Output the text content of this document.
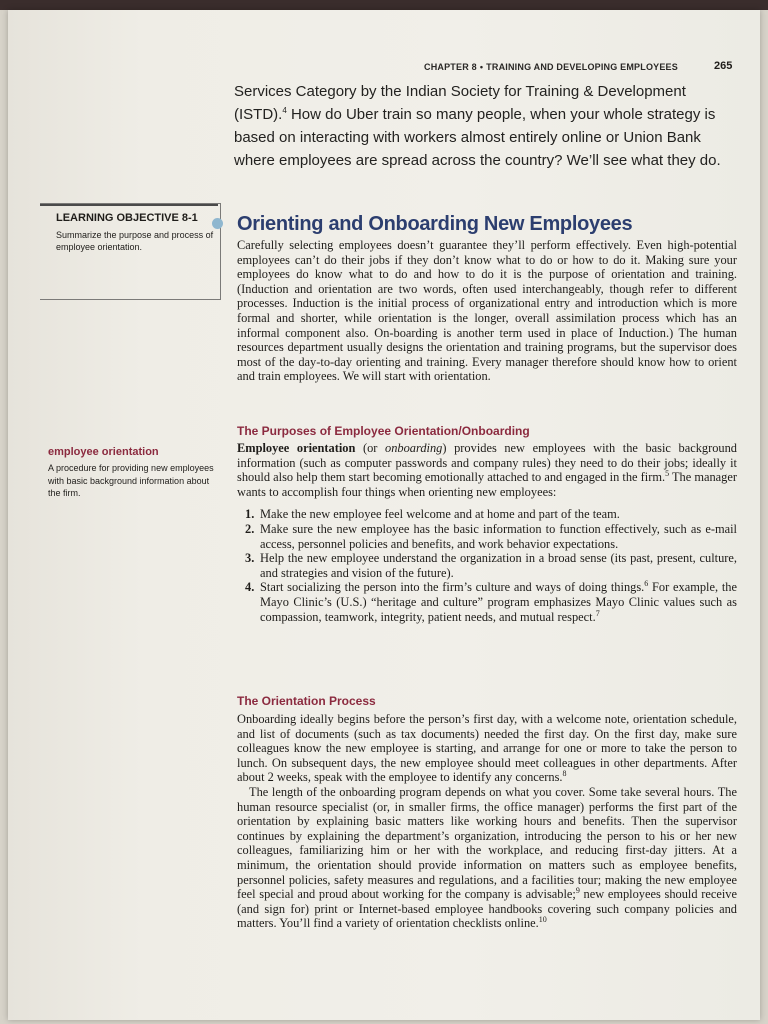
CHAPTER 8 • TRAINING AND DEVELOPING EMPLOYEES	265
Services Category by the Indian Society for Training & Development (ISTD).$^4$ How do Uber train so many people, when your whole strategy is based on interacting with workers almost entirely online or Union Bank where employees are spread across the country? We’ll see what they do.
LEARNING OBJECTIVE 8-1
Summarize the purpose and process of employee orientation.
Orienting and Onboarding New Employees

Carefully selecting employees doesn’t guarantee they’ll perform effectively. Even high-potential employees can’t do their jobs if they don’t know what to do or how to do it. Making sure your employees do know what to do and how to do it is the purpose of orientation and training. (Induction and orientation are two words, often used interchangeably, though refer to different processes. Induction is the initial process of organizational entry and introduction which is more formal and shorter, while orientation is the longer, overall assimilation process which has an informal component also. On-boarding is another term used in place of Induction.) The human resources department usually designs the orientation and training programs, but the supervisor does most of the day-to-day orienting and training. Every manager therefore should know how to orient and train employees. We will start with orientation.

The Purposes of Employee Orientation/Onboarding
employee orientation
A procedure for providing new employees with basic background information about the firm.

Employee orientation (or onboarding) provides new employees with the basic background information (such as computer passwords and company rules) they need to do their jobs; ideally it should also help them start becoming emotionally attached to and engaged in the firm.$^5$ The manager wants to accomplish four things when orienting new employees:

1. Make the new employee feel welcome and at home and part of the team.
2. Make sure the new employee has the basic information to function effectively, such as e-mail access, personnel policies and benefits, and work behavior expectations.
3. Help the new employee understand the organization in a broad sense (its past, present, culture, and strategies and vision of the future).
4. Start socializing the person into the firm’s culture and ways of doing things.$^6$ For example, the Mayo Clinic’s (U.S.) “heritage and culture” program emphasizes Mayo Clinic values such as compassion, teamwork, integrity, patient needs, and mutual respect.$^7$
The Orientation Process

Onboarding ideally begins before the person’s first day, with a welcome note, orientation schedule, and list of documents (such as tax documents) needed the first day. On the first day, make sure colleagues know the new employee is starting, and arrange for one or more to take the person to lunch. On subsequent days, the new employee should meet colleagues in other departments. After about 2 weeks, speak with the employee to identify any concerns.$^8$

The length of the onboarding program depends on what you cover. Some take several hours. The human resource specialist (or, in smaller firms, the office manager) performs the first part of the orientation by explaining basic matters like working hours and benefits. Then the supervisor continues by explaining the department’s organization, introducing the person to his or her new colleagues, familiarizing him or her with the workplace, and reducing first-day jitters. At a minimum, the orientation should provide information on matters such as employee benefits, personnel policies, safety measures and regulations, and a facilities tour; making the new employee feel special and proud about working for the company is advisable;$^9$ new employees should receive (and sign for) print or Internet-based employee handbooks covering such company policies and matters. You’ll find a variety of orientation checklists online.$^{10}$
